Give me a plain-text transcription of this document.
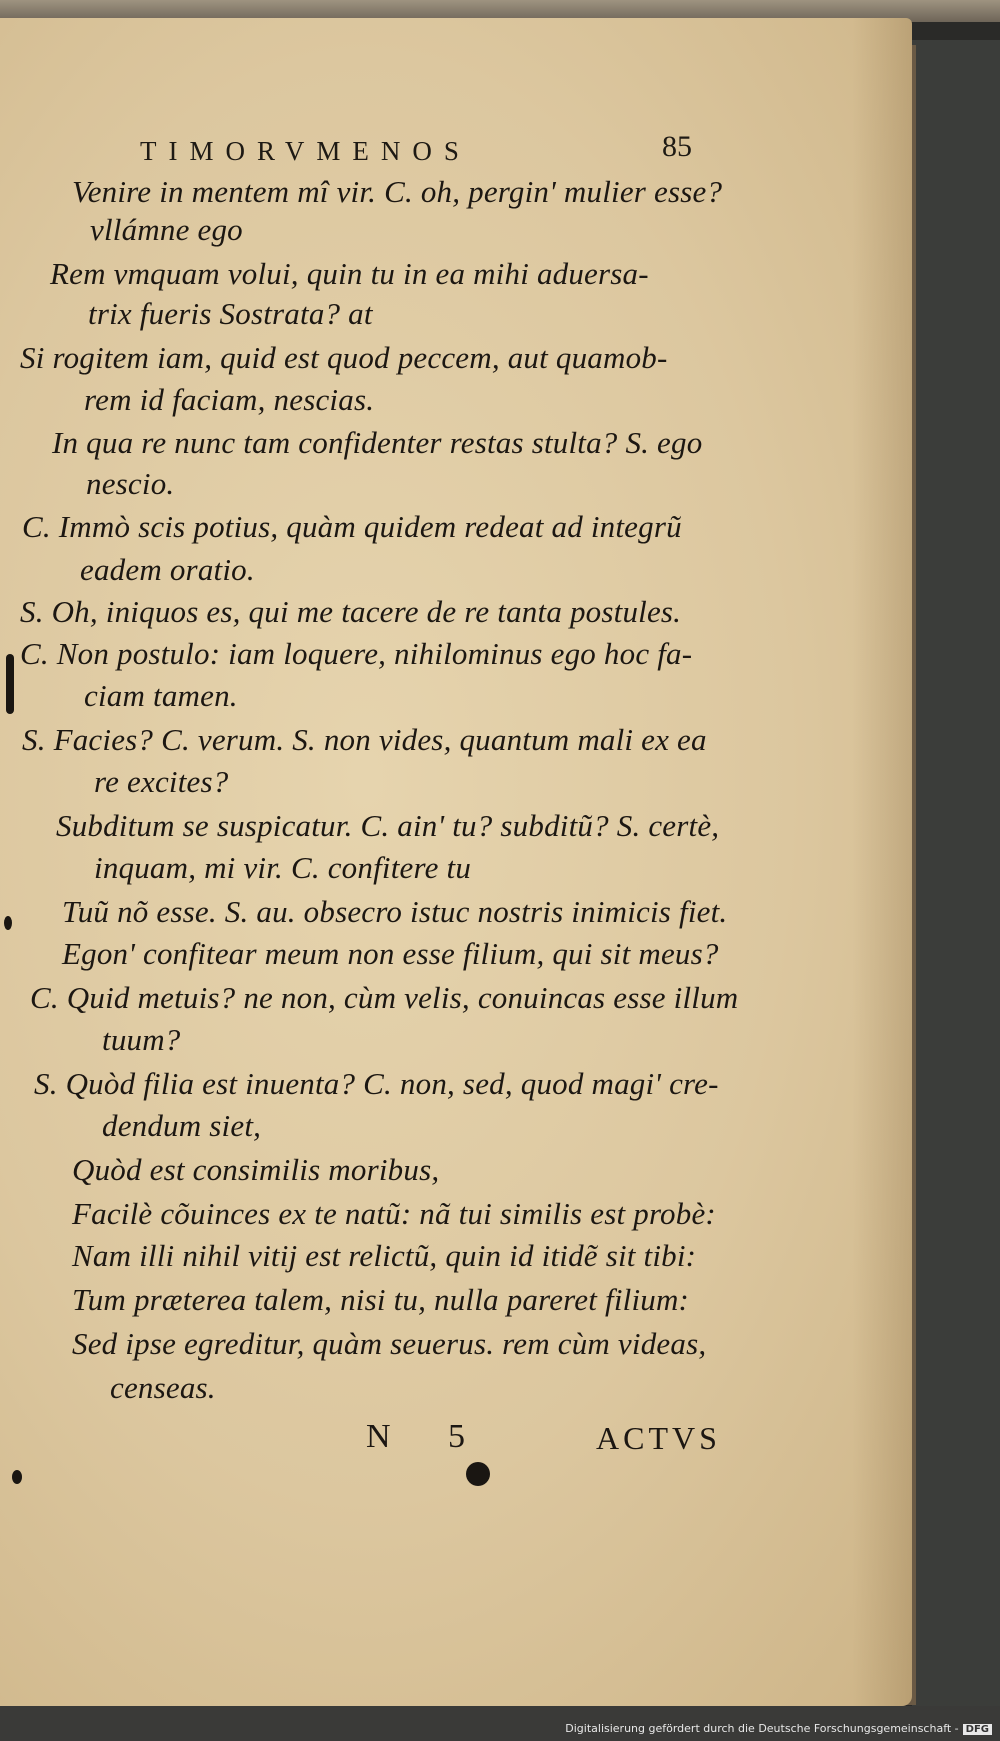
TIMORVMENOS	85
Venire in mentem mî vir. C. oh, pergin' mulier esse?
vllámne ego
Rem vmquam volui, quin tu in ea mihi aduersa-
trix fueris Sostrata? at
Si rogitem iam, quid est quod peccem, aut quamob-
rem id faciam, nescias.
In qua re nunc tam confidenter restas stulta? S. ego
nescio.
C. Immò scis potius, quàm quidem redeat ad integrũ
eadem oratio.
S. Oh, iniquos es, qui me tacere de re tanta postules.
C. Non postulo: iam loquere, nihilominus ego hoc fa-
ciam tamen.
S. Facies? C. verum. S. non vides, quantum mali ex ea
re excites?
Subditum se suspicatur. C. ain' tu? subditũ? S. certè,
inquam, mi vir. C. confitere tu
Tuũ nõ esse. S. au. obsecro istuc nostris inimicis fiet.
Egon' confitear meum non esse filium, qui sit meus?
C. Quid metuis? ne non, cùm velis, conuincas esse illum
tuum?
S. Quòd filia est inuenta? C. non, sed, quod magi' cre-
dendum siet,
Quòd est consimilis moribus,
Facilè cõuinces ex te natũ: nã tui similis est probè:
Nam illi nihil vitij est relictũ, quin id itidẽ sit tibi:
Tum præterea talem, nisi tu, nulla pareret filium:
Sed ipse egreditur, quàm seuerus. rem cùm videas,
censeas.
N 5	ACTVS
Digitalisierung gefördert durch die Deutsche Forschungsgemeinschaft - DFG
